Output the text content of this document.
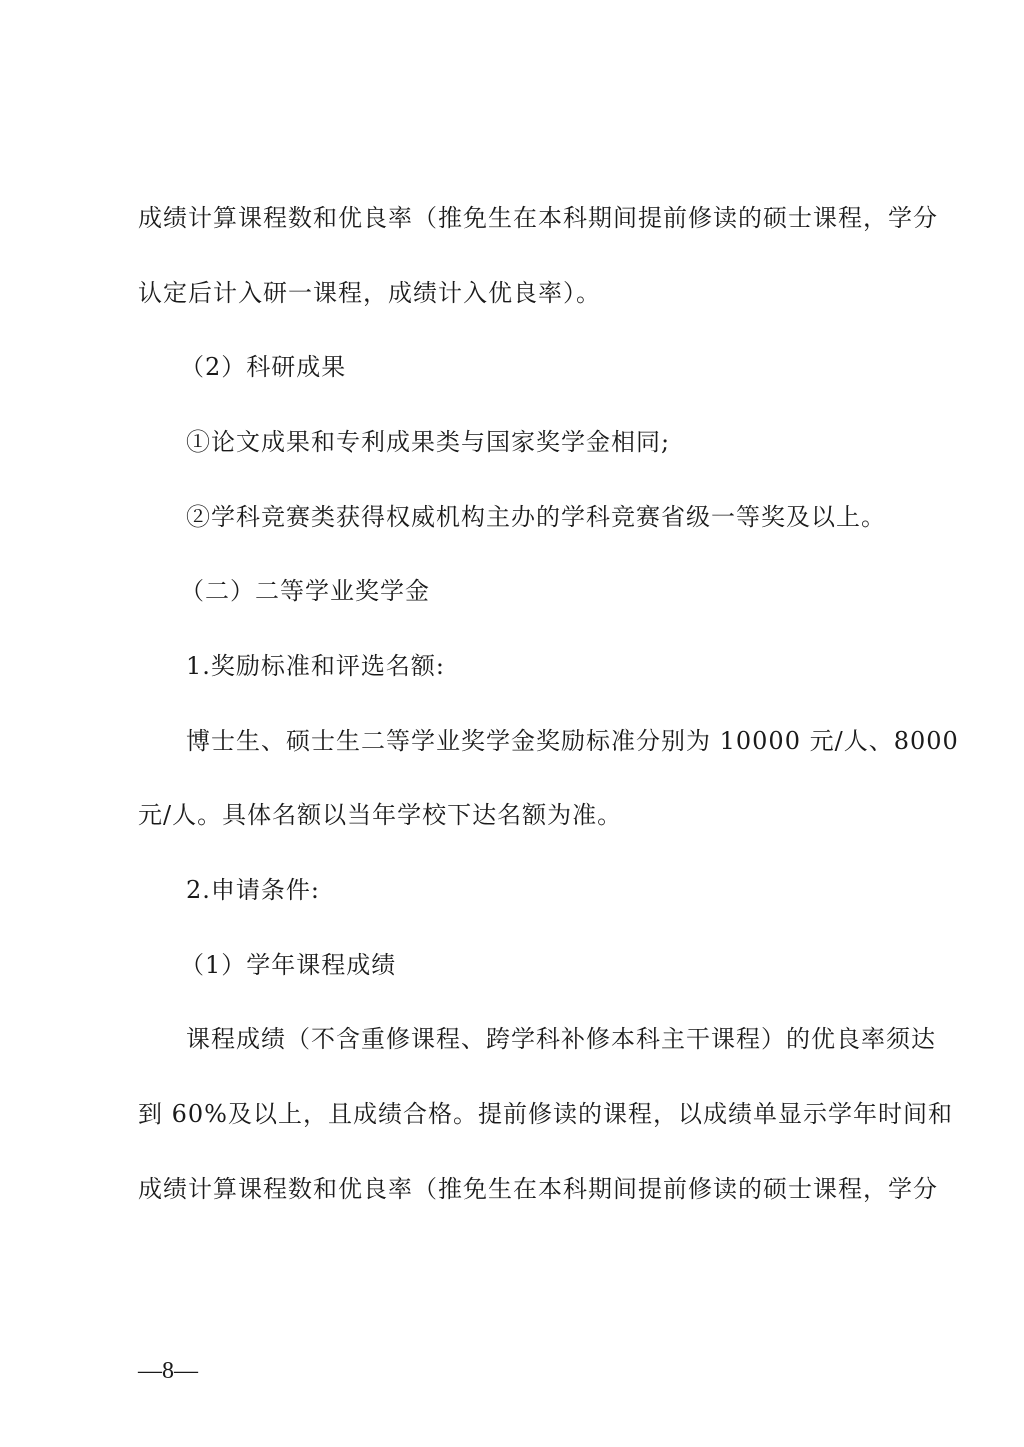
成绩计算课程数和优良率（推免生在本科期间提前修读的硕士课程，学分
认定后计入研一课程，成绩计入优良率）。
（2）科研成果
①论文成果和专利成果类与国家奖学金相同;
②学科竞赛类获得权威机构主办的学科竞赛省级一等奖及以上。
（二）二等学业奖学金
1.奖励标准和评选名额:
博士生、硕士生二等学业奖学金奖励标准分别为 10000 元/人、8000
元/人。具体名额以当年学校下达名额为准。
2.申请条件:
（1）学年课程成绩
课程成绩（不含重修课程、跨学科补修本科主干课程）的优良率须达
到 60%及以上，且成绩合格。提前修读的课程，以成绩单显示学年时间和
成绩计算课程数和优良率（推免生在本科期间提前修读的硕士课程，学分
—8—
